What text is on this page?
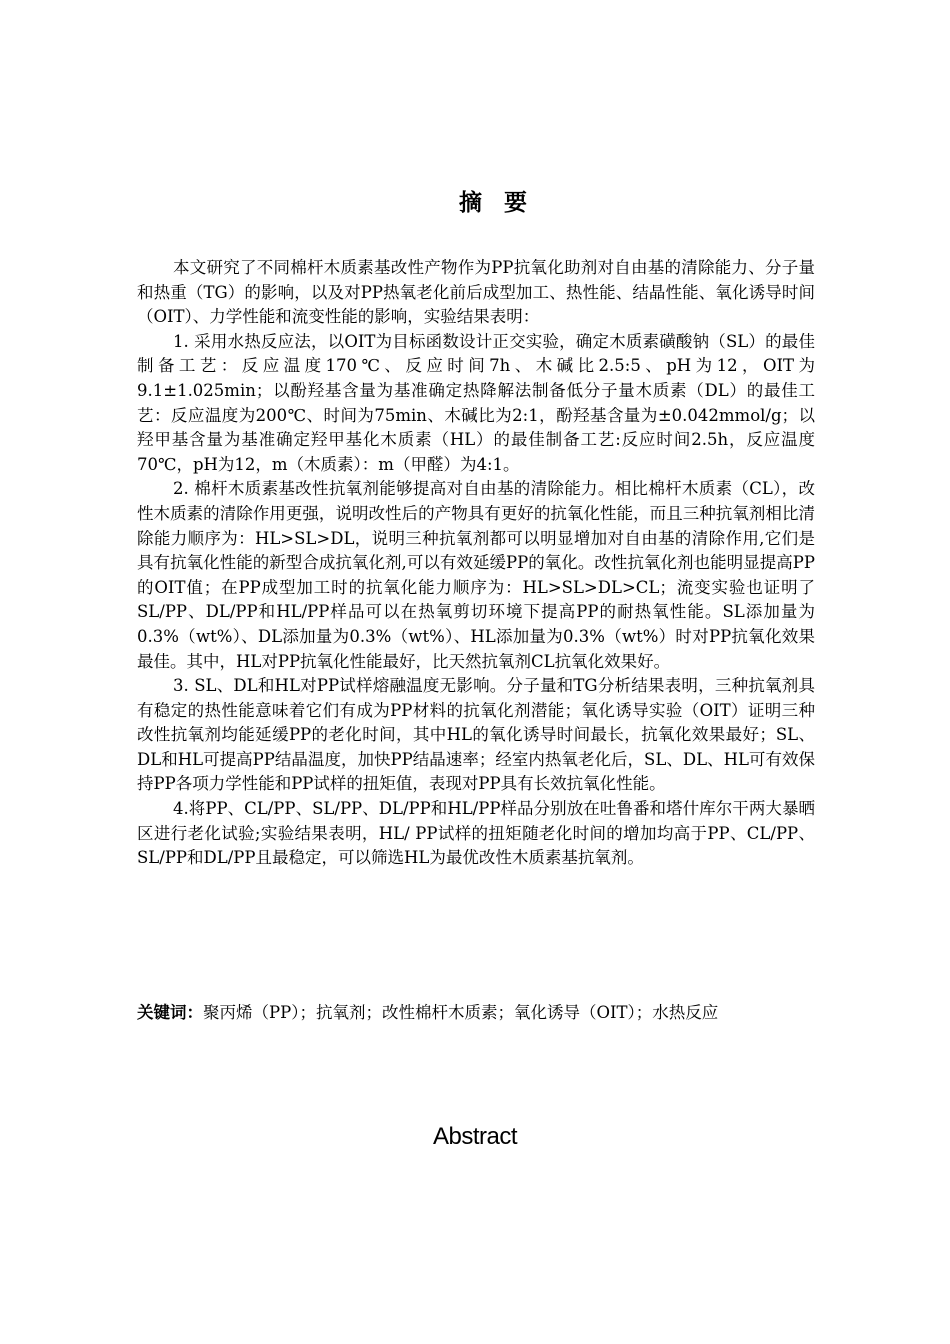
摘要

本文研究了不同棉杆木质素基改性产物作为PP抗氧化助剂对自由基的清除能力、分子量和热重（TG）的影响，以及对PP热氧老化前后成型加工、热性能、结晶性能、氧化诱导时间（OIT）、力学性能和流变性能的影响，实验结果表明：

1. 采用水热反应法，以OIT为目标函数设计正交实验，确定木质素磺酸钠（SL）的最佳制备工艺：反应温度170℃、反应时间7h、木碱比2.5:5、pH为12，OIT为9.1±1.025min；以酚羟基含量为基准确定热降解法制备低分子量木质素（DL）的最佳工艺：反应温度为200℃、时间为75min、木碱比为2:1，酚羟基含量为±0.042mmol/g；以羟甲基含量为基准确定羟甲基化木质素（HL）的最佳制备工艺:反应时间2.5h，反应温度70℃，pH为12，m（木质素）：m（甲醛）为4:1。

2. 棉杆木质素基改性抗氧剂能够提高对自由基的清除能力。相比棉杆木质素（CL），改性木质素的清除作用更强，说明改性后的产物具有更好的抗氧化性能，而且三种抗氧剂相比清除能力顺序为：HL>SL>DL，说明三种抗氧剂都可以明显增加对自由基的清除作用,它们是具有抗氧化性能的新型合成抗氧化剂,可以有效延缓PP的氧化。改性抗氧化剂也能明显提高PP的OIT值；在PP成型加工时的抗氧化能力顺序为：HL>SL>DL>CL；流变实验也证明了SL/PP、DL/PP和HL/PP样品可以在热氧剪切环境下提高PP的耐热氧性能。SL添加量为0.3%（wt%）、DL添加量为0.3%（wt%）、HL添加量为0.3%（wt%）时对PP抗氧化效果最佳。其中，HL对PP抗氧化性能最好，比天然抗氧剂CL抗氧化效果好。

3. SL、DL和HL对PP试样熔融温度无影响。分子量和TG分析结果表明，三种抗氧剂具有稳定的热性能意味着它们有成为PP材料的抗氧化剂潜能；氧化诱导实验（OIT）证明三种改性抗氧剂均能延缓PP的老化时间，其中HL的氧化诱导时间最长，抗氧化效果最好；SL、DL和HL可提高PP结晶温度，加快PP结晶速率；经室内热氧老化后，SL、DL、HL可有效保持PP各项力学性能和PP试样的扭矩值，表现对PP具有长效抗氧化性能。

4.将PP、CL/PP、SL/PP、DL/PP和HL/PP样品分别放在吐鲁番和塔什库尔干两大暴晒区进行老化试验;实验结果表明，HL/ PP试样的扭矩随老化时间的增加均高于PP、CL/PP、SL/PP和DL/PP且最稳定，可以筛选HL为最优改性木质素基抗氧剂。

关键词：聚丙烯（PP）；抗氧剂；改性棉杆木质素；氧化诱导（OIT）；水热反应

Abstract
